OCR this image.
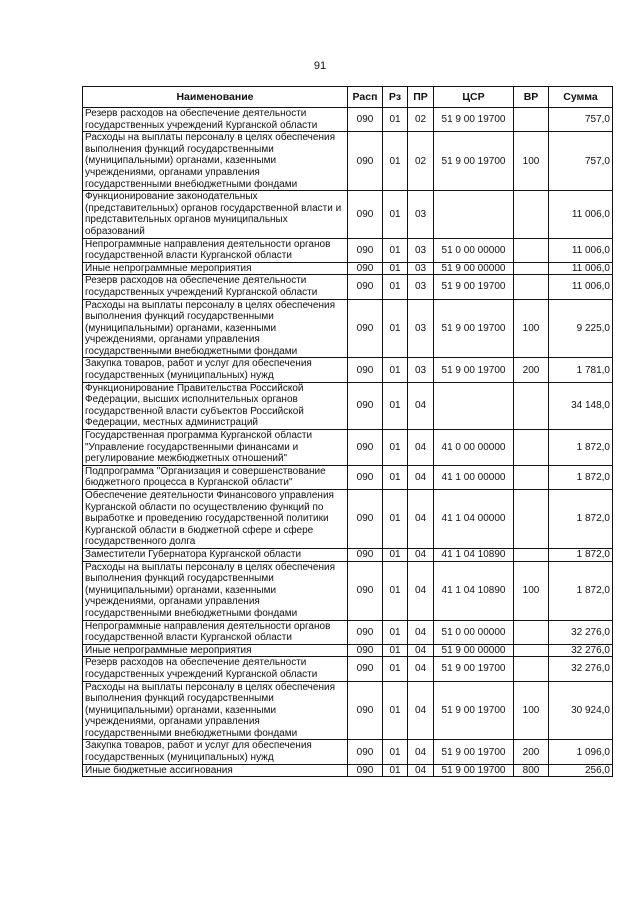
91
Наименование	Расп	Рз	ПР	ЦСР	ВР	Сумма
Резерв расходов на обеспечение деятельности государственных учреждений Курганской области	090	01	02	51 9 00 19700		757,0
Расходы на выплаты персоналу в целях обеспечения выполнения функций государственными (муниципальными) органами, казенными учреждениями, органами управления государственными внебюджетными фондами	090	01	02	51 9 00 19700	100	757,0
Функционирование законодательных (представительных) органов государственной власти и представительных органов муниципальных образований	090	01	03			11 006,0
Непрограммные направления деятельности органов государственной власти Курганской области	090	01	03	51 0 00 00000		11 006,0
Иные непрограммные мероприятия	090	01	03	51 9 00 00000		11 006,0
Резерв расходов на обеспечение деятельности государственных учреждений Курганской области	090	01	03	51 9 00 19700		11 006,0
Расходы на выплаты персоналу в целях обеспечения выполнения функций государственными (муниципальными) органами, казенными учреждениями, органами управления государственными внебюджетными фондами	090	01	03	51 9 00 19700	100	9 225,0
Закупка товаров, работ и услуг для обеспечения государственных (муниципальных) нужд	090	01	03	51 9 00 19700	200	1 781,0
Функционирование Правительства Российской Федерации, высших исполнительных органов государственной власти субъектов Российской Федерации, местных администраций	090	01	04			34 148,0
Государственная программа Курганской области "Управление государственными финансами и регулирование межбюджетных отношений"	090	01	04	41 0 00 00000		1 872,0
Подпрограмма "Организация и совершенствование бюджетного процесса в Курганской области"	090	01	04	41 1 00 00000		1 872,0
Обеспечение деятельности Финансового управления Курганской области по осуществлению функций по выработке и проведению государственной политики Курганской области в бюджетной сфере и сфере государственного долга	090	01	04	41 1 04 00000		1 872,0
Заместители Губернатора Курганской области	090	01	04	41 1 04 10890		1 872,0
Расходы на выплаты персоналу в целях обеспечения выполнения функций государственными (муниципальными) органами, казенными учреждениями, органами управления государственными внебюджетными фондами	090	01	04	41 1 04 10890	100	1 872,0
Непрограммные направления деятельности органов государственной власти Курганской области	090	01	04	51 0 00 00000		32 276,0
Иные непрограммные мероприятия	090	01	04	51 9 00 00000		32 276,0
Резерв расходов на обеспечение деятельности государственных учреждений Курганской области	090	01	04	51 9 00 19700		32 276,0
Расходы на выплаты персоналу в целях обеспечения выполнения функций государственными (муниципальными) органами, казенными учреждениями, органами управления государственными внебюджетными фондами	090	01	04	51 9 00 19700	100	30 924,0
Закупка товаров, работ и услуг для обеспечения государственных (муниципальных) нужд	090	01	04	51 9 00 19700	200	1 096,0
Иные бюджетные ассигнования	090	01	04	51 9 00 19700	800	256,0
